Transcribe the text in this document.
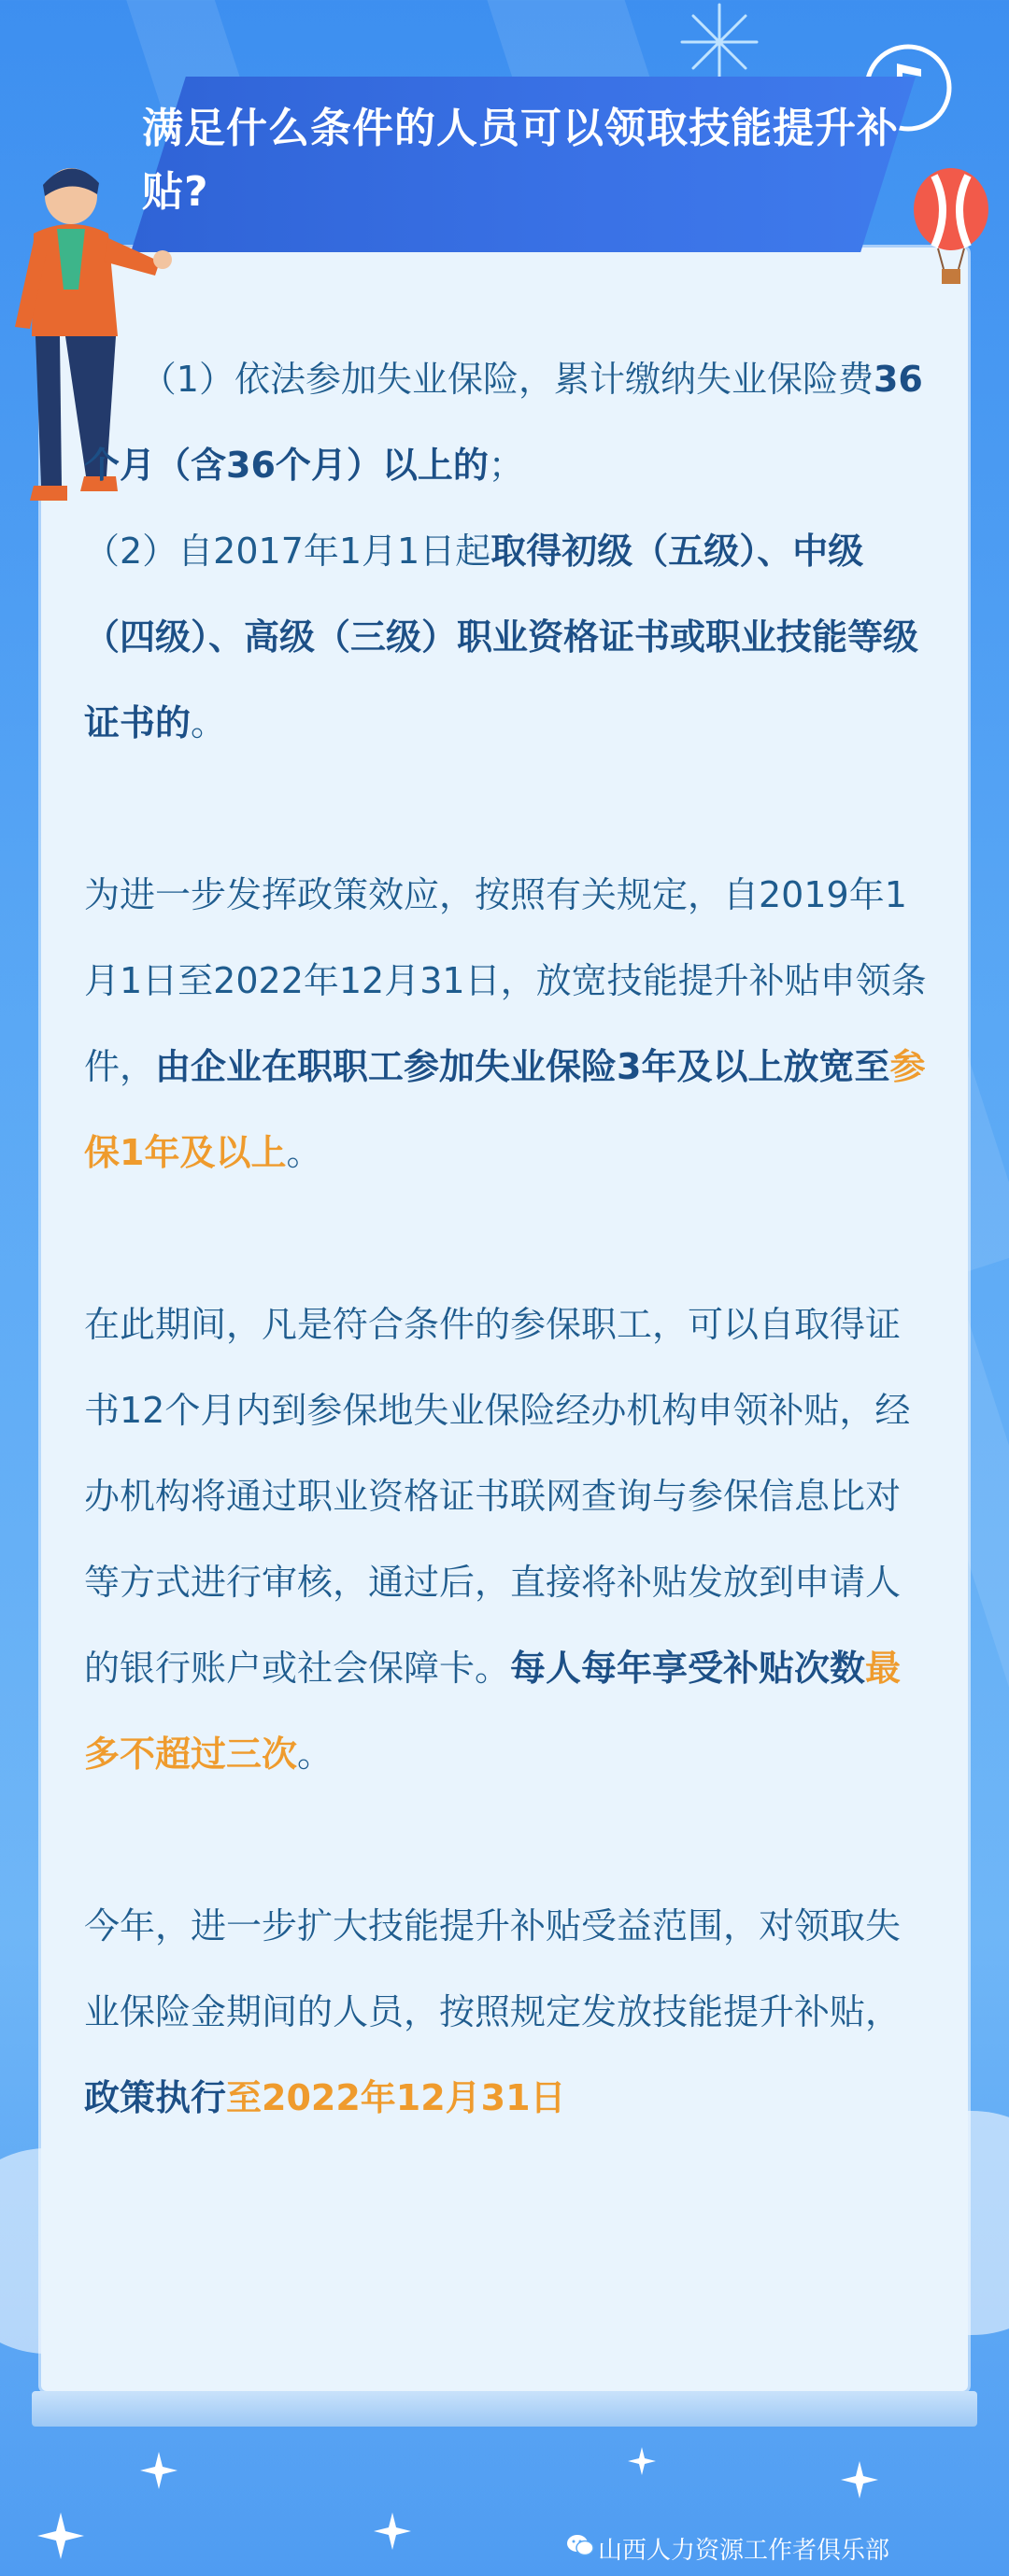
满足什么条件的人员可以领取技能提升补贴?

（1）依法参加失业保险，累计缴纳失业保险费36个月（含36个月）以上的；

（2）自2017年1月1日起取得初级（五级）、中级（四级）、高级（三级）职业资格证书或职业技能等级证书的。

为进一步发挥政策效应，按照有关规定，自2019年1月1日至2022年12月31日，放宽技能提升补贴申领条件，由企业在职职工参加失业保险3年及以上放宽至参保1年及以上。

在此期间，凡是符合条件的参保职工，可以自取得证书12个月内到参保地失业保险经办机构申领补贴，经办机构将通过职业资格证书联网查询与参保信息比对等方式进行审核，通过后，直接将补贴发放到申请人的银行账户或社会保障卡。每人每年享受补贴次数最多不超过三次。

今年，进一步扩大技能提升补贴受益范围，对领取失业保险金期间的人员，按照规定发放技能提升补贴，政策执行至2022年12月31日

山西人力资源工作者俱乐部
